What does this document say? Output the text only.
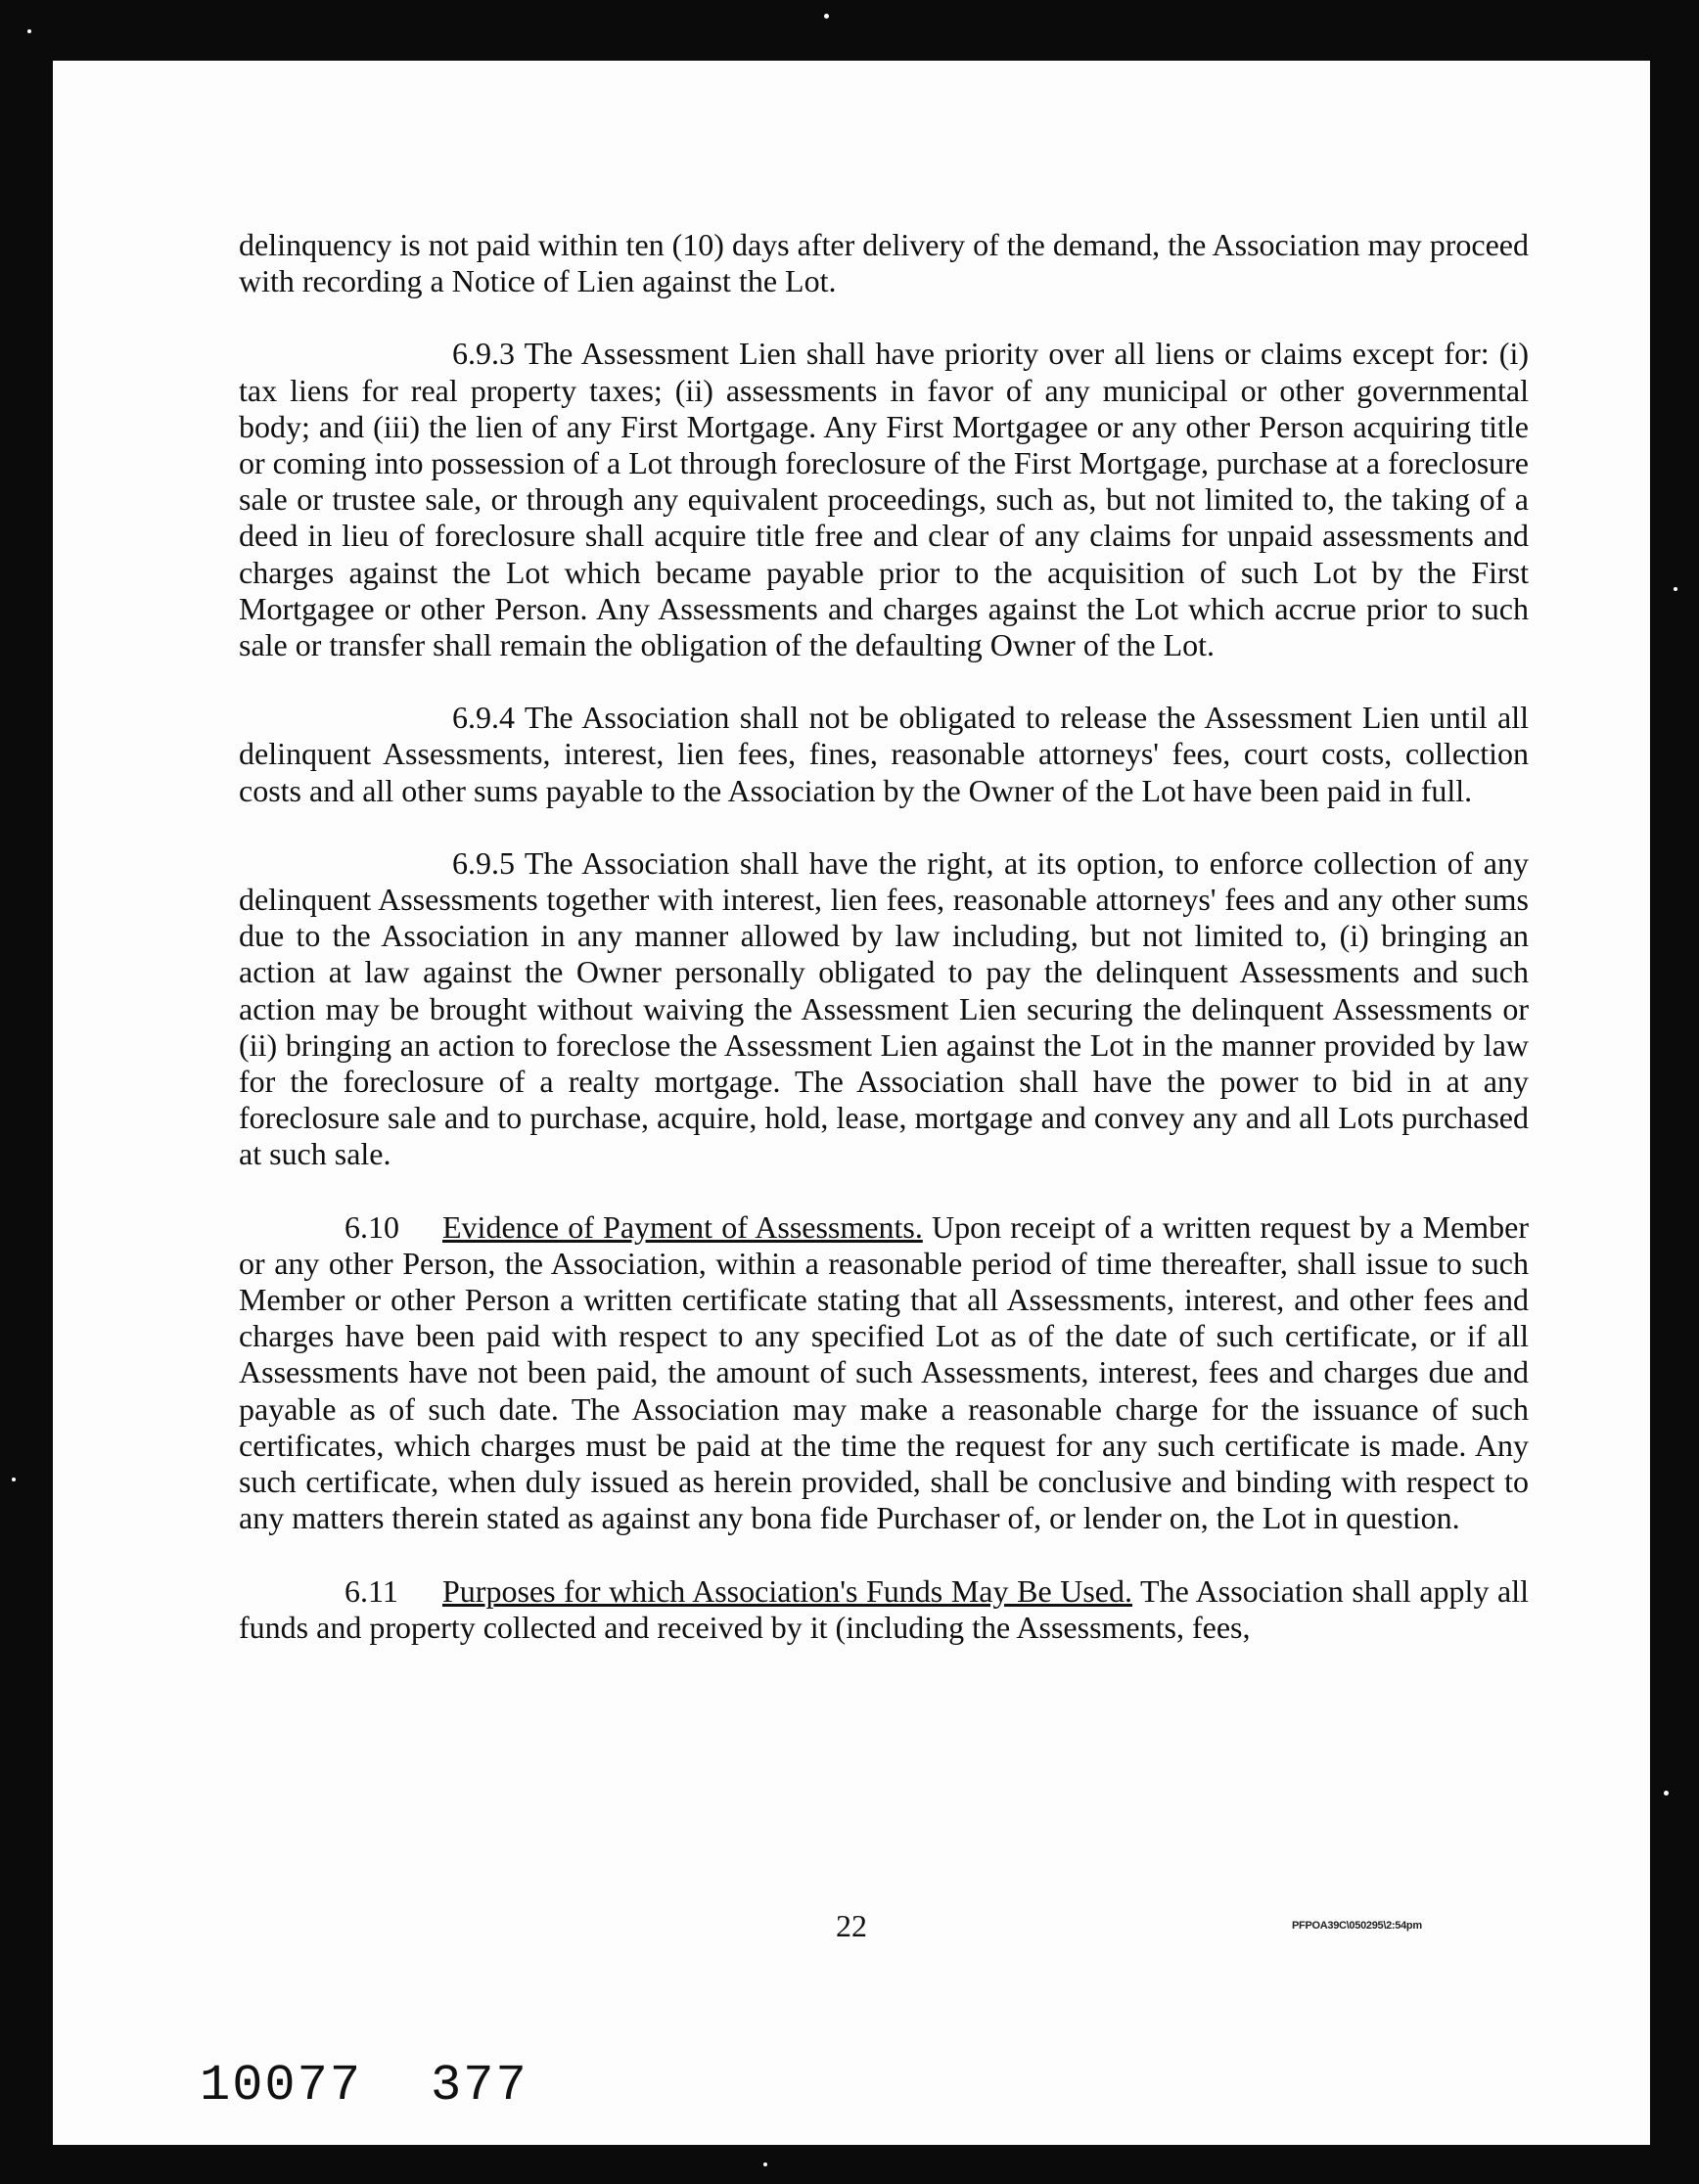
delinquency is not paid within ten (10) days after delivery of the demand, the Association may proceed with recording a Notice of Lien against the Lot.

6.9.3 The Assessment Lien shall have priority over all liens or claims except for: (i) tax liens for real property taxes; (ii) assessments in favor of any municipal or other governmental body; and (iii) the lien of any First Mortgage. Any First Mortgagee or any other Person acquiring title or coming into possession of a Lot through foreclosure of the First Mortgage, purchase at a foreclosure sale or trustee sale, or through any equivalent proceedings, such as, but not limited to, the taking of a deed in lieu of foreclosure shall acquire title free and clear of any claims for unpaid assessments and charges against the Lot which became payable prior to the acquisition of such Lot by the First Mortgagee or other Person. Any Assessments and charges against the Lot which accrue prior to such sale or transfer shall remain the obligation of the defaulting Owner of the Lot.

6.9.4 The Association shall not be obligated to release the Assessment Lien until all delinquent Assessments, interest, lien fees, fines, reasonable attorneys' fees, court costs, collection costs and all other sums payable to the Association by the Owner of the Lot have been paid in full.

6.9.5 The Association shall have the right, at its option, to enforce collection of any delinquent Assessments together with interest, lien fees, reasonable attorneys' fees and any other sums due to the Association in any manner allowed by law including, but not limited to, (i) bringing an action at law against the Owner personally obligated to pay the delinquent Assessments and such action may be brought without waiving the Assessment Lien securing the delinquent Assessments or (ii) bringing an action to foreclose the Assessment Lien against the Lot in the manner provided by law for the foreclosure of a realty mortgage. The Association shall have the power to bid in at any foreclosure sale and to purchase, acquire, hold, lease, mortgage and convey any and all Lots purchased at such sale.

6.10 Evidence of Payment of Assessments. Upon receipt of a written request by a Member or any other Person, the Association, within a reasonable period of time thereafter, shall issue to such Member or other Person a written certificate stating that all Assessments, interest, and other fees and charges have been paid with respect to any specified Lot as of the date of such certificate, or if all Assessments have not been paid, the amount of such Assessments, interest, fees and charges due and payable as of such date. The Association may make a reasonable charge for the issuance of such certificates, which charges must be paid at the time the request for any such certificate is made. Any such certificate, when duly issued as herein provided, shall be conclusive and binding with respect to any matters therein stated as against any bona fide Purchaser of, or lender on, the Lot in question.

6.11 Purposes for which Association's Funds May Be Used. The Association shall apply all funds and property collected and received by it (including the Assessments, fees,

22	PFPOA39C\050295\2:54pm
10077 377
